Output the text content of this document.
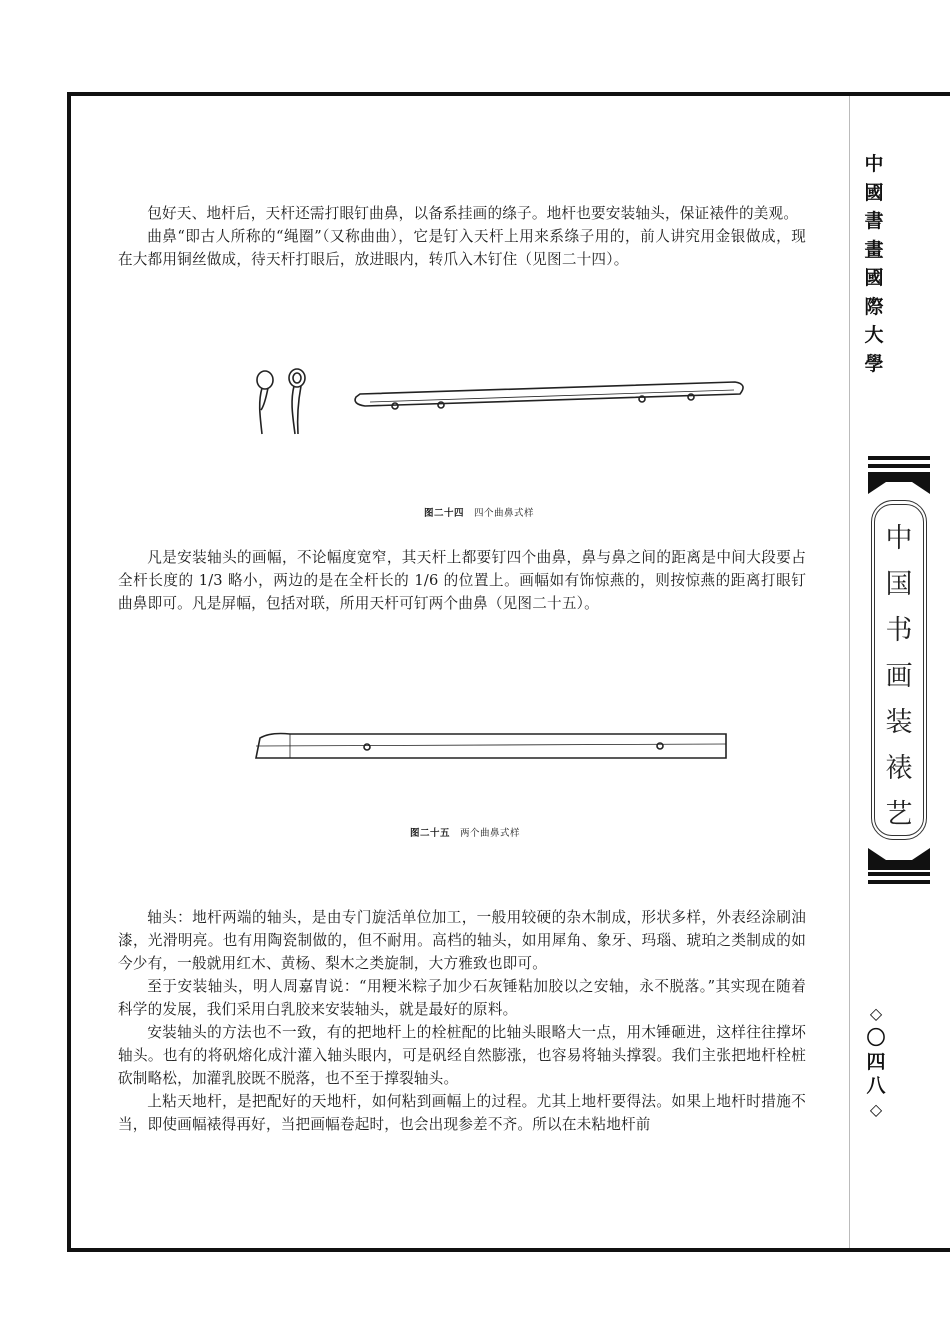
包好天、地杆后，天杆还需打眼钉曲鼻，以备系挂画的绦子。地杆也要安装轴头，保证裱件的美观。

曲鼻“即古人所称的“绳圈”（又称曲曲），它是钉入天杆上用来系绦子用的，前人讲究用金银做成，现在大都用铜丝做成，待天杆打眼后，放进眼内，转爪入木钉住（见图二十四）。

图二十四 四个曲鼻式样

凡是安装轴头的画幅，不论幅度宽窄，其天杆上都要钉四个曲鼻，鼻与鼻之间的距离是中间大段要占全杆长度的 1/3 略小，两边的是在全杆长的 1/6 的位置上。画幅如有饰惊燕的，则按惊燕的距离打眼钉曲鼻即可。凡是屏幅，包括对联，所用天杆可钉两个曲鼻（见图二十五）。

图二十五 两个曲鼻式样

轴头：地杆两端的轴头，是由专门旋活单位加工，一般用较硬的杂木制成，形状多样，外表经涂刷油漆，光滑明亮。也有用陶瓷制做的，但不耐用。高档的轴头，如用犀角、象牙、玛瑙、琥珀之类制成的如今少有，一般就用红木、黄杨、梨木之类旋制，大方雅致也即可。

至于安装轴头，明人周嘉胄说：“用粳米粽子加少石灰锤粘加胶以之安轴，永不脱落。”其实现在随着科学的发展，我们采用白乳胶来安装轴头，就是最好的原料。

安装轴头的方法也不一致，有的把地杆上的栓桩配的比轴头眼略大一点，用木锤砸进，这样往往撑坏轴头。也有的将矾熔化成汁灌入轴头眼内，可是矾经自然膨涨，也容易将轴头撑裂。我们主张把地杆栓桩砍制略松，加灌乳胶既不脱落，也不至于撑裂轴头。

上粘天地杆，是把配好的天地杆，如何粘到画幅上的过程。尤其上地杆要得法。如果上地杆时措施不当，即使画幅裱得再好，当把画幅卷起时，也会出现参差不齐。所以在未粘地杆前

中
國
書
畫
國
際
大
學
中
国
书
画
装
裱
艺
◇
〇
四
八
◇
